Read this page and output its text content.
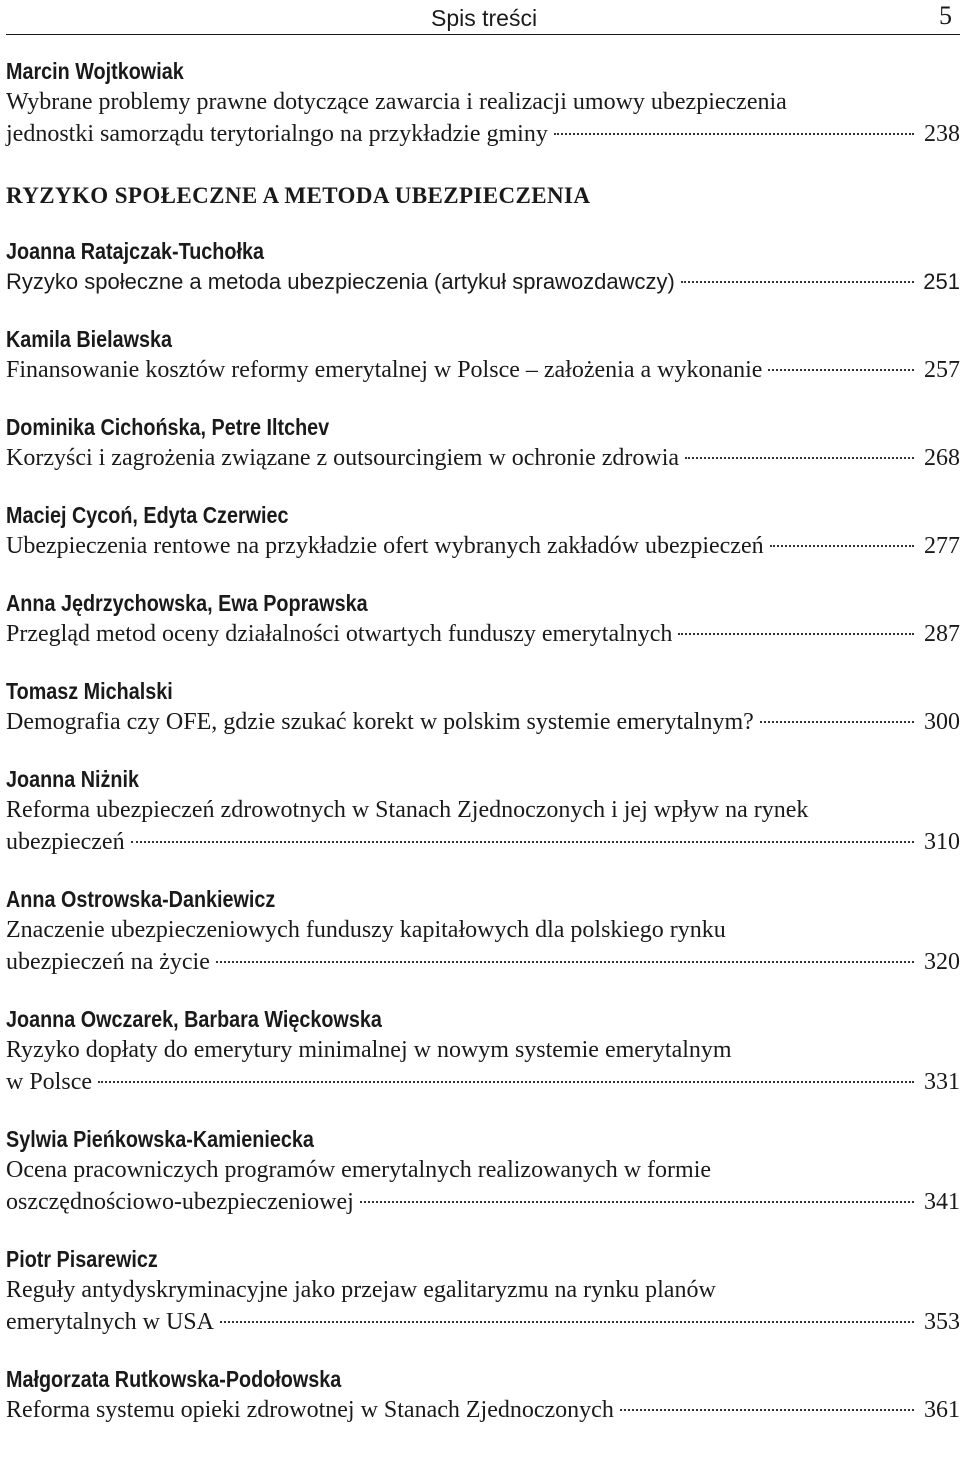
Spis treści	5
Marcin Wojtkowiak
Wybrane problemy prawne dotyczące zawarcia i realizacji umowy ubezpieczenia
jednostki samorządu terytorialngo na przykładzie gminy	238
RYZYKO SPOŁECZNE A METODA UBEZPIECZENIA
Joanna Ratajczak-Tuchołka
Ryzyko społeczne a metoda ubezpieczenia (artykuł sprawozdawczy)	251
Kamila Bielawska
Finansowanie kosztów reformy emerytalnej w Polsce – założenia a wykonanie	257
Dominika Cichońska, Petre Iltchev
Korzyści i zagrożenia związane z outsourcingiem w ochronie zdrowia	268
Maciej Cycoń, Edyta Czerwiec
Ubezpieczenia rentowe na przykładzie ofert wybranych zakładów ubezpieczeń	277
Anna Jędrzychowska, Ewa Poprawska
Przegląd metod oceny działalności otwartych funduszy emerytalnych	287
Tomasz Michalski
Demografia czy OFE, gdzie szukać korekt w polskim systemie emerytalnym?	300
Joanna Niżnik
Reforma ubezpieczeń zdrowotnych w Stanach Zjednoczonych i jej wpływ na rynek
ubezpieczeń	310
Anna Ostrowska-Dankiewicz
Znaczenie ubezpieczeniowych funduszy kapitałowych dla polskiego rynku
ubezpieczeń na życie	320
Joanna Owczarek, Barbara Więckowska
Ryzyko dopłaty do emerytury minimalnej w nowym systemie emerytalnym
w Polsce	331
Sylwia Pieńkowska-Kamieniecka
Ocena pracowniczych programów emerytalnych realizowanych w formie
oszczędnościowo-ubezpieczeniowej	341
Piotr Pisarewicz
Reguły antydyskryminacyjne jako przejaw egalitaryzmu na rynku planów
emerytalnych w USA	353
Małgorzata Rutkowska-Podołowska
Reforma systemu opieki zdrowotnej w Stanach Zjednoczonych	361
